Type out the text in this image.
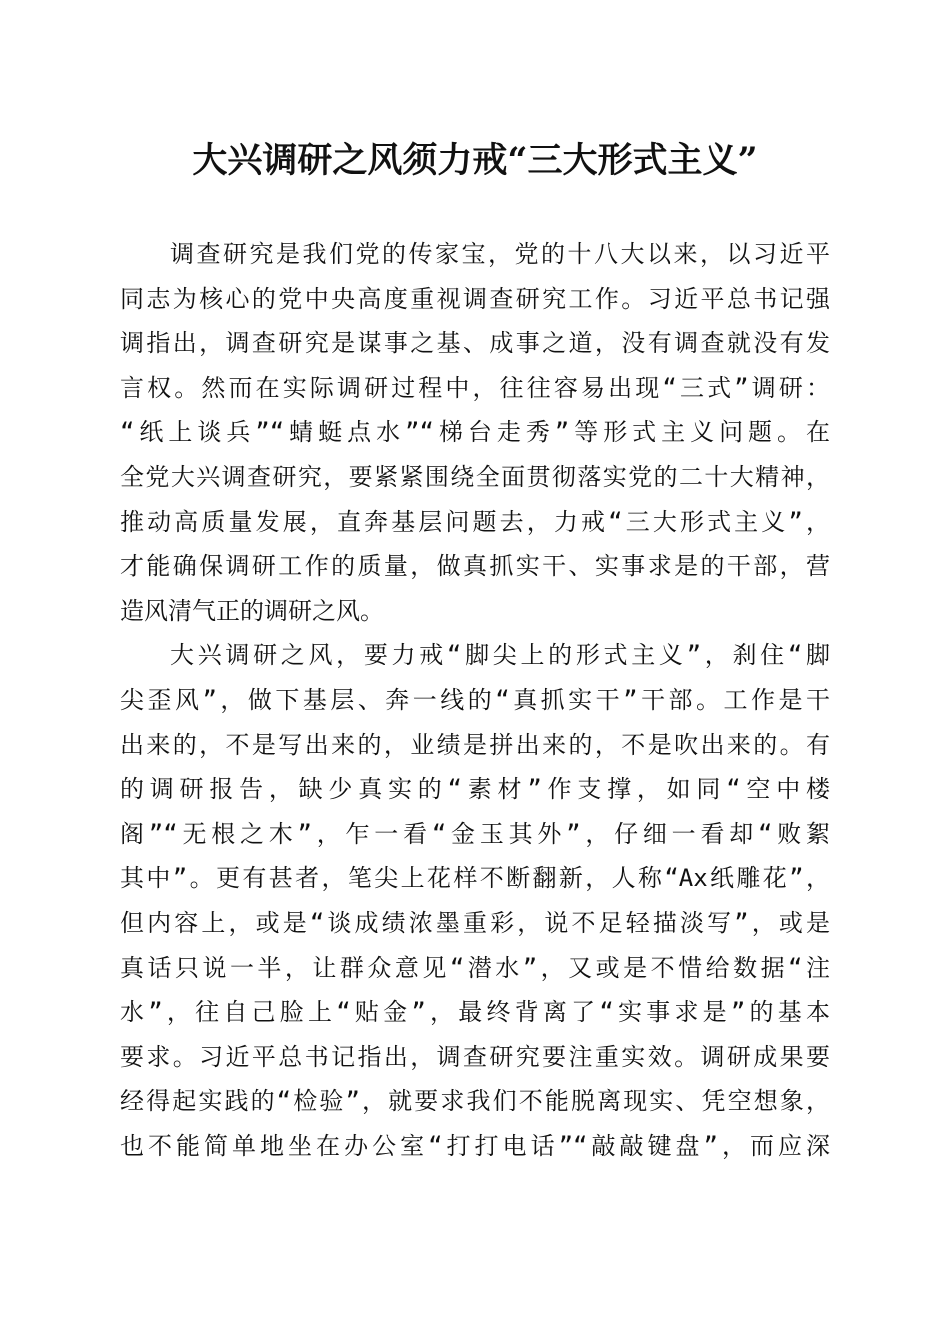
大兴调研之风须力戒“三大形式主义”

调查研究是我们党的传家宝，党的十八大以来，以习近平
同志为核心的党中央高度重视调查研究工作。习近平总书记强
调指出，调查研究是谋事之基、成事之道，没有调查就没有发
言权。然而在实际调研过程中，往往容易出现“三式”调研：
“纸上谈兵”“蜻蜓点水”“梯台走秀”等形式主义问题。在
全党大兴调查研究，要紧紧围绕全面贯彻落实党的二十大精神，
推动高质量发展，直奔基层问题去，力戒“三大形式主义”，
才能确保调研工作的质量，做真抓实干、实事求是的干部，营
造风清气正的调研之风。

大兴调研之风，要力戒“脚尖上的形式主义”，刹住“脚
尖歪风”，做下基层、奔一线的“真抓实干”干部。工作是干
出来的，不是写出来的，业绩是拼出来的，不是吹出来的。有
的调研报告，缺少真实的“素材”作支撑，如同“空中楼
阁”“无根之木”，乍一看“金玉其外”，仔细一看却“败絮
其中”。更有甚者，笔尖上花样不断翻新，人称“Ax纸雕花”，
但内容上，或是“谈成绩浓墨重彩，说不足轻描淡写”，或是
真话只说一半，让群众意见“潜水”，又或是不惜给数据“注
水”，往自己脸上“贴金”，最终背离了“实事求是”的基本
要求。习近平总书记指出，调查研究要注重实效。调研成果要
经得起实践的“检验”，就要求我们不能脱离现实、凭空想象，
也不能简单地坐在办公室“打打电话”“敲敲键盘”，而应深
